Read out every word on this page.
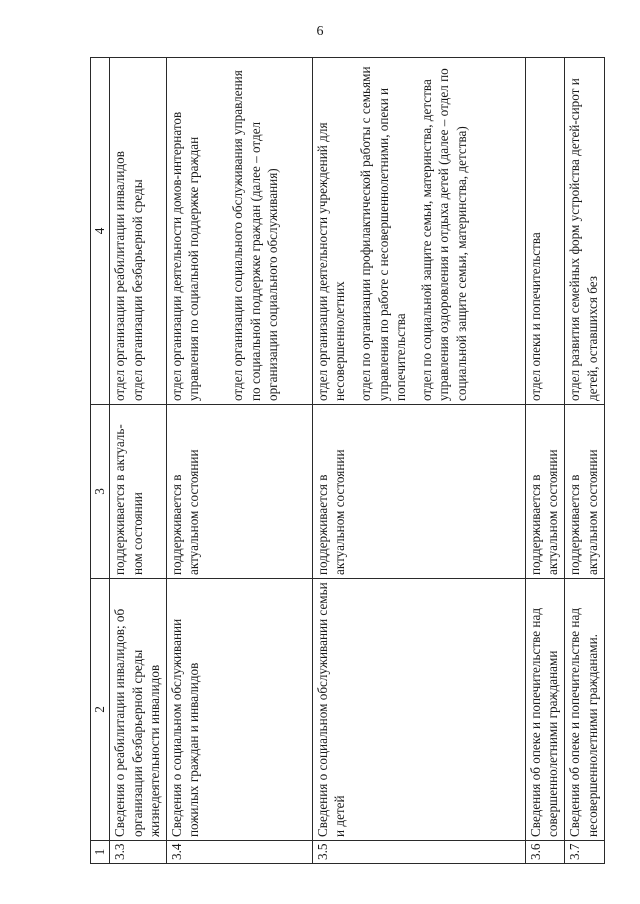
6
1	2	3	4
3.3	Сведения о реабилитации инвалидов; об организации безбарьерной среды жизнедеятельности инвалидов	поддерживается в актуаль-ном состоянии	отдел организации реабилитации инвалидов отдел организации безбарьерной среды

3.4	Сведения о социальном обслуживании пожилых граждан и инвалидов	поддерживается в актуальном состоянии	отдел организации деятельности домов-интернатов управления по социальной поддержке граждан отдел организации социального обслуживания управления по социальной поддержке граждан (далее – отдел организации социального обслуживания)

3.5	Сведения о социальном обслуживании семьи и детей	поддерживается в актуальном состоянии	отдел организации деятельности учреждений для несовершеннолетних отдел по организации профилактической работы с семьями управления по работе с несовершеннолетними, опеки и попечительства отдел по социальной защите семьи, материнства, детства управления оздоровления и отдыха детей (далее – отдел по социальной защите семьи, материнства, детства)

3.6	Сведения об опеке и попечительстве над совершеннолетними гражданами	поддерживается в актуальном состоянии	отдел опеки и попечительства

3.7	Сведения об опеке и попечительстве над несовершеннолетними гражданами.	поддерживается в актуальном состоянии	отдел развития семейных форм устройства детей-сирот и детей, оставшихся без
